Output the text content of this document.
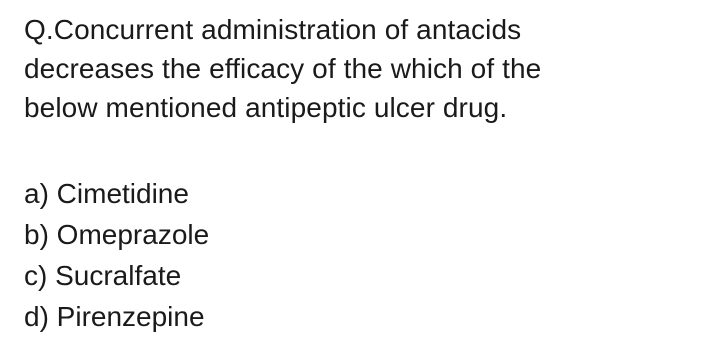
Q.Concurrent administration of antacids
decreases the efficacy of the which of the
below mentioned antipeptic ulcer drug.
a) Cimetidine
b) Omeprazole
c) Sucralfate
d) Pirenzepine
